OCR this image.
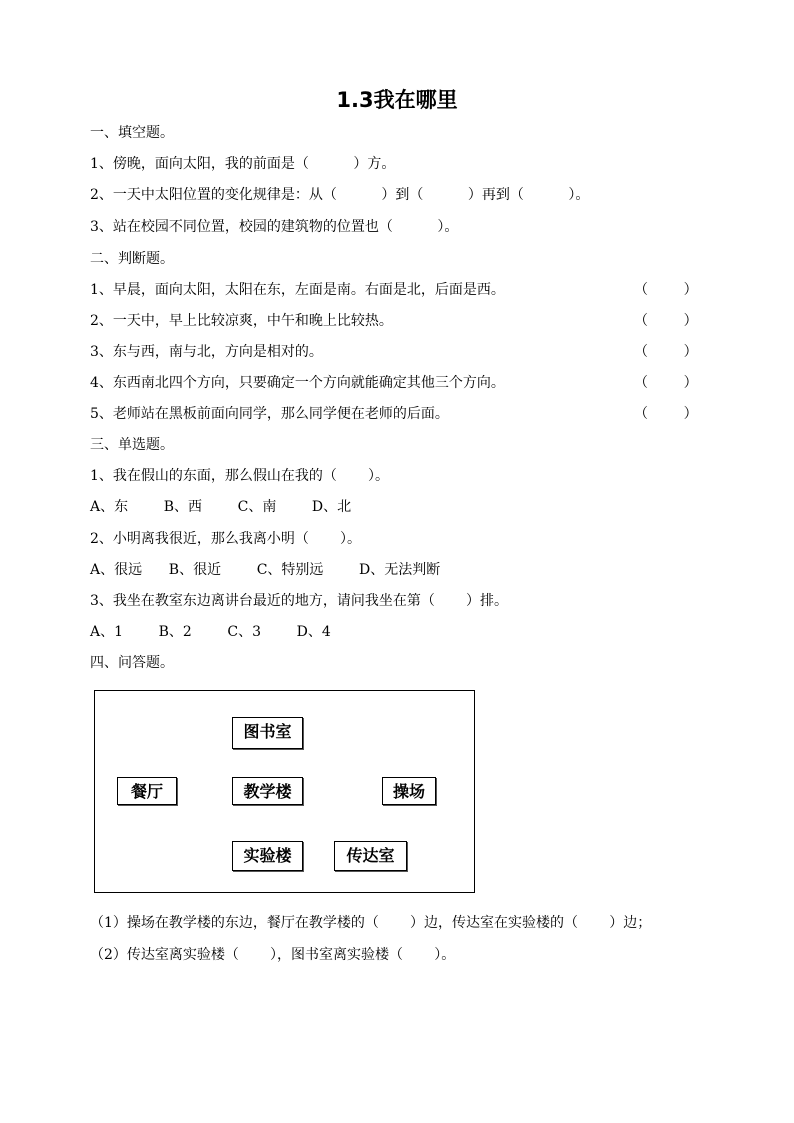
1.3我在哪里
一、填空题。
1、傍晚，面向太阳，我的前面是（          ）方。
2、一天中太阳位置的变化规律是：从（          ）到（          ）再到（          ）。
3、站在校园不同位置，校园的建筑物的位置也（          ）。
二、判断题。
1、早晨，面向太阳，太阳在东，左面是南。右面是北，后面是西。	（        ）
2、一天中，早上比较凉爽，中午和晚上比较热。	（        ）
3、东与西，南与北，方向是相对的。	（        ）
4、东西南北四个方向，只要确定一个方向就能确定其他三个方向。	（        ）
5、老师站在黑板前面向同学，那么同学便在老师的后面。	（        ）
三、单选题。
1、我在假山的东面，那么假山在我的（       ）。
A、东        B、西        C、南        D、北
2、小明离我很近，那么我离小明（       ）。
A、很远      B、很近        C、特别远        D、无法判断
3、我坐在教室东边离讲台最近的地方，请问我坐在第（       ）排。
A、1        B、2        C、3        D、4
四、问答题。
图书室
餐厅	教学楼	操场
实验楼	传达室
（1）操场在教学楼的东边，餐厅在教学楼的（       ）边，传达室在实验楼的（       ）边；
（2）传达室离实验楼（       ），图书室离实验楼（       ）。
